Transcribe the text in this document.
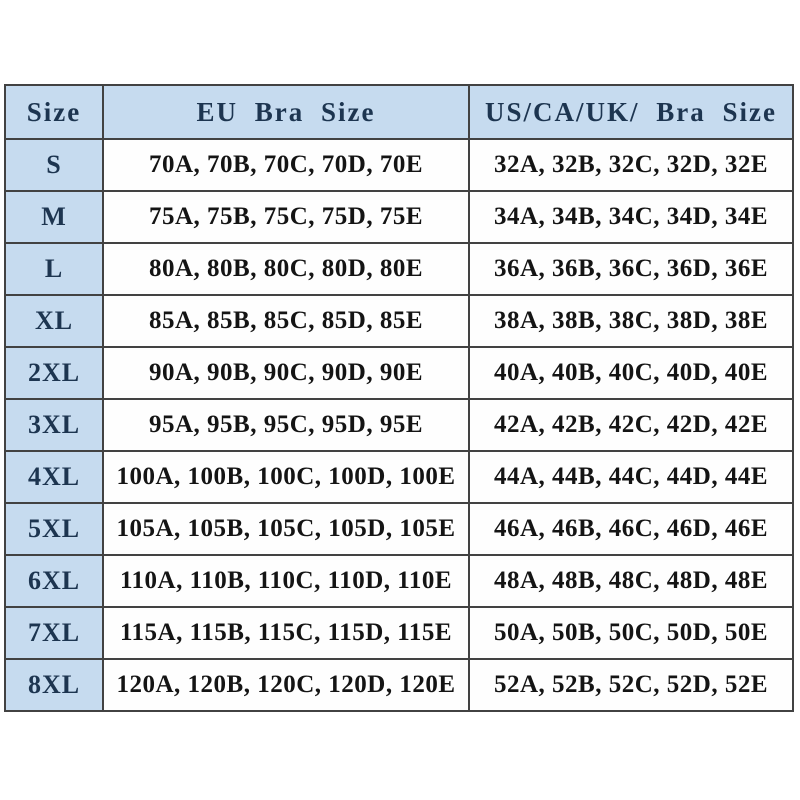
Size	EU Bra Size	US/CA/UK/ Bra Size
S	70A, 70B, 70C, 70D, 70E	32A, 32B, 32C, 32D, 32E
M	75A, 75B, 75C, 75D, 75E	34A, 34B, 34C, 34D, 34E
L	80A, 80B, 80C, 80D, 80E	36A, 36B, 36C, 36D, 36E
XL	85A, 85B, 85C, 85D, 85E	38A, 38B, 38C, 38D, 38E
2XL	90A, 90B, 90C, 90D, 90E	40A, 40B, 40C, 40D, 40E
3XL	95A, 95B, 95C, 95D, 95E	42A, 42B, 42C, 42D, 42E
4XL	100A, 100B, 100C, 100D, 100E	44A, 44B, 44C, 44D, 44E
5XL	105A, 105B, 105C, 105D, 105E	46A, 46B, 46C, 46D, 46E
6XL	110A, 110B, 110C, 110D, 110E	48A, 48B, 48C, 48D, 48E
7XL	115A, 115B, 115C, 115D, 115E	50A, 50B, 50C, 50D, 50E
8XL	120A, 120B, 120C, 120D, 120E	52A, 52B, 52C, 52D, 52E
